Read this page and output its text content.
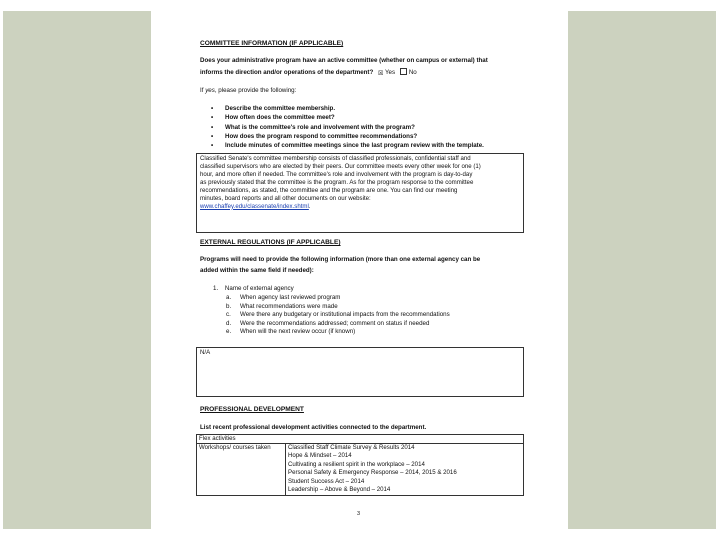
COMMITTEE INFORMATION (IF APPLICABLE)
Does your administrative program have an active committee (whether on campus or external) that
informs the direction and/or operations of the department? ☒Yes No
If yes, please provide the following:
• Describe the committee membership.
• How often does the committee meet?
• What is the committee's role and involvement with the program?
• How does the program respond to committee recommendations?
• Include minutes of committee meetings since the last program review with the template.
Classified Senate's committee membership consists of classified professionals, confidential staff and
classified supervisors who are elected by their peers. Our committee meets every other week for one (1)
hour, and more often if needed. The committee's role and involvement with the program is day-to-day
as previously stated that the committee is the program. As for the program response to the committee
recommendations, as stated, the committee and the program are one. You can find our meeting
minutes, board reports and all other documents on our website:
www.chaffey.edu/classenate/index.shtml.
EXTERNAL REGULATIONS (IF APPLICABLE)
Programs will need to provide the following information (more than one external agency can be
added within the same field if needed):
1. Name of external agency
a. When agency last reviewed program
b. What recommendations were made
c. Were there any budgetary or institutional impacts from the recommendations
d. Were the recommendations addressed; comment on status if needed
e. When will the next review occur (if known)
N/A
PROFESSIONAL DEVELOPMENT
List recent professional development activities connected to the department.
Flex activities
Workshops/ courses taken	Classified Staff Climate Survey & Results 2014
Hope & Mindset – 2014
Cultivating a resilient spirit in the workplace – 2014
Personal Safety & Emergency Response – 2014, 2015 & 2016
Student Success Act – 2014
Leadership – Above & Beyond – 2014
3
